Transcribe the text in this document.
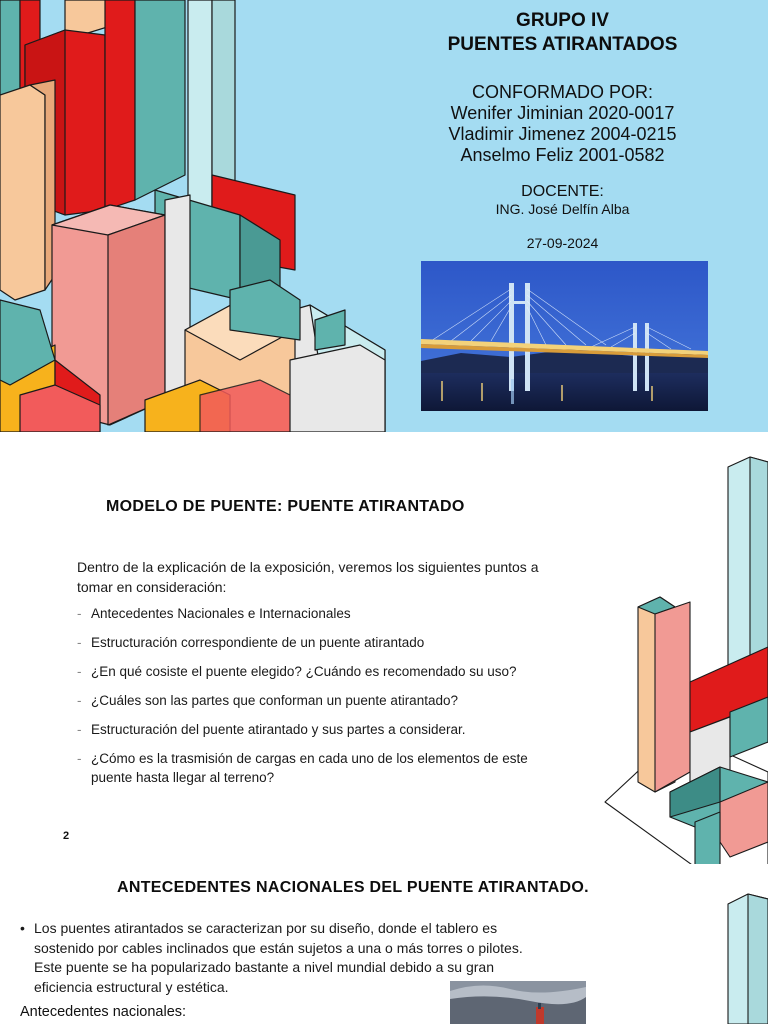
GRUPO IV
PUENTES ATIRANTADOS
CONFORMADO POR:
Wenifer Jiminian 2020-0017
Vladimir Jimenez 2004-0215
Anselmo Feliz 2001-0582
DOCENTE:
ING. José Delfín Alba
27-09-2024
MODELO DE PUENTE: PUENTE ATIRANTADO
Dentro de la explicación de la exposición, veremos los siguientes puntos a tomar en consideración:
- Antecedentes Nacionales e Internacionales
- Estructuración correspondiente de un puente atirantado
- ¿En qué cosiste el puente elegido? ¿Cuándo es recomendado su uso?
- ¿Cuáles son las partes que conforman un puente atirantado?
- Estructuración del puente atirantado y sus partes a considerar.
- ¿Cómo es la trasmisión de cargas en cada uno de los elementos de este puente hasta llegar al terreno?
2
ANTECEDENTES NACIONALES DEL PUENTE ATIRANTADO.
• Los puentes atirantados se caracterizan por su diseño, donde el tablero es sostenido por cables inclinados que están sujetos a una o más torres o pilotes. Este puente se ha popularizado bastante a nivel mundial debido a su gran eficiencia estructural y estética.
Antecedentes nacionales:
